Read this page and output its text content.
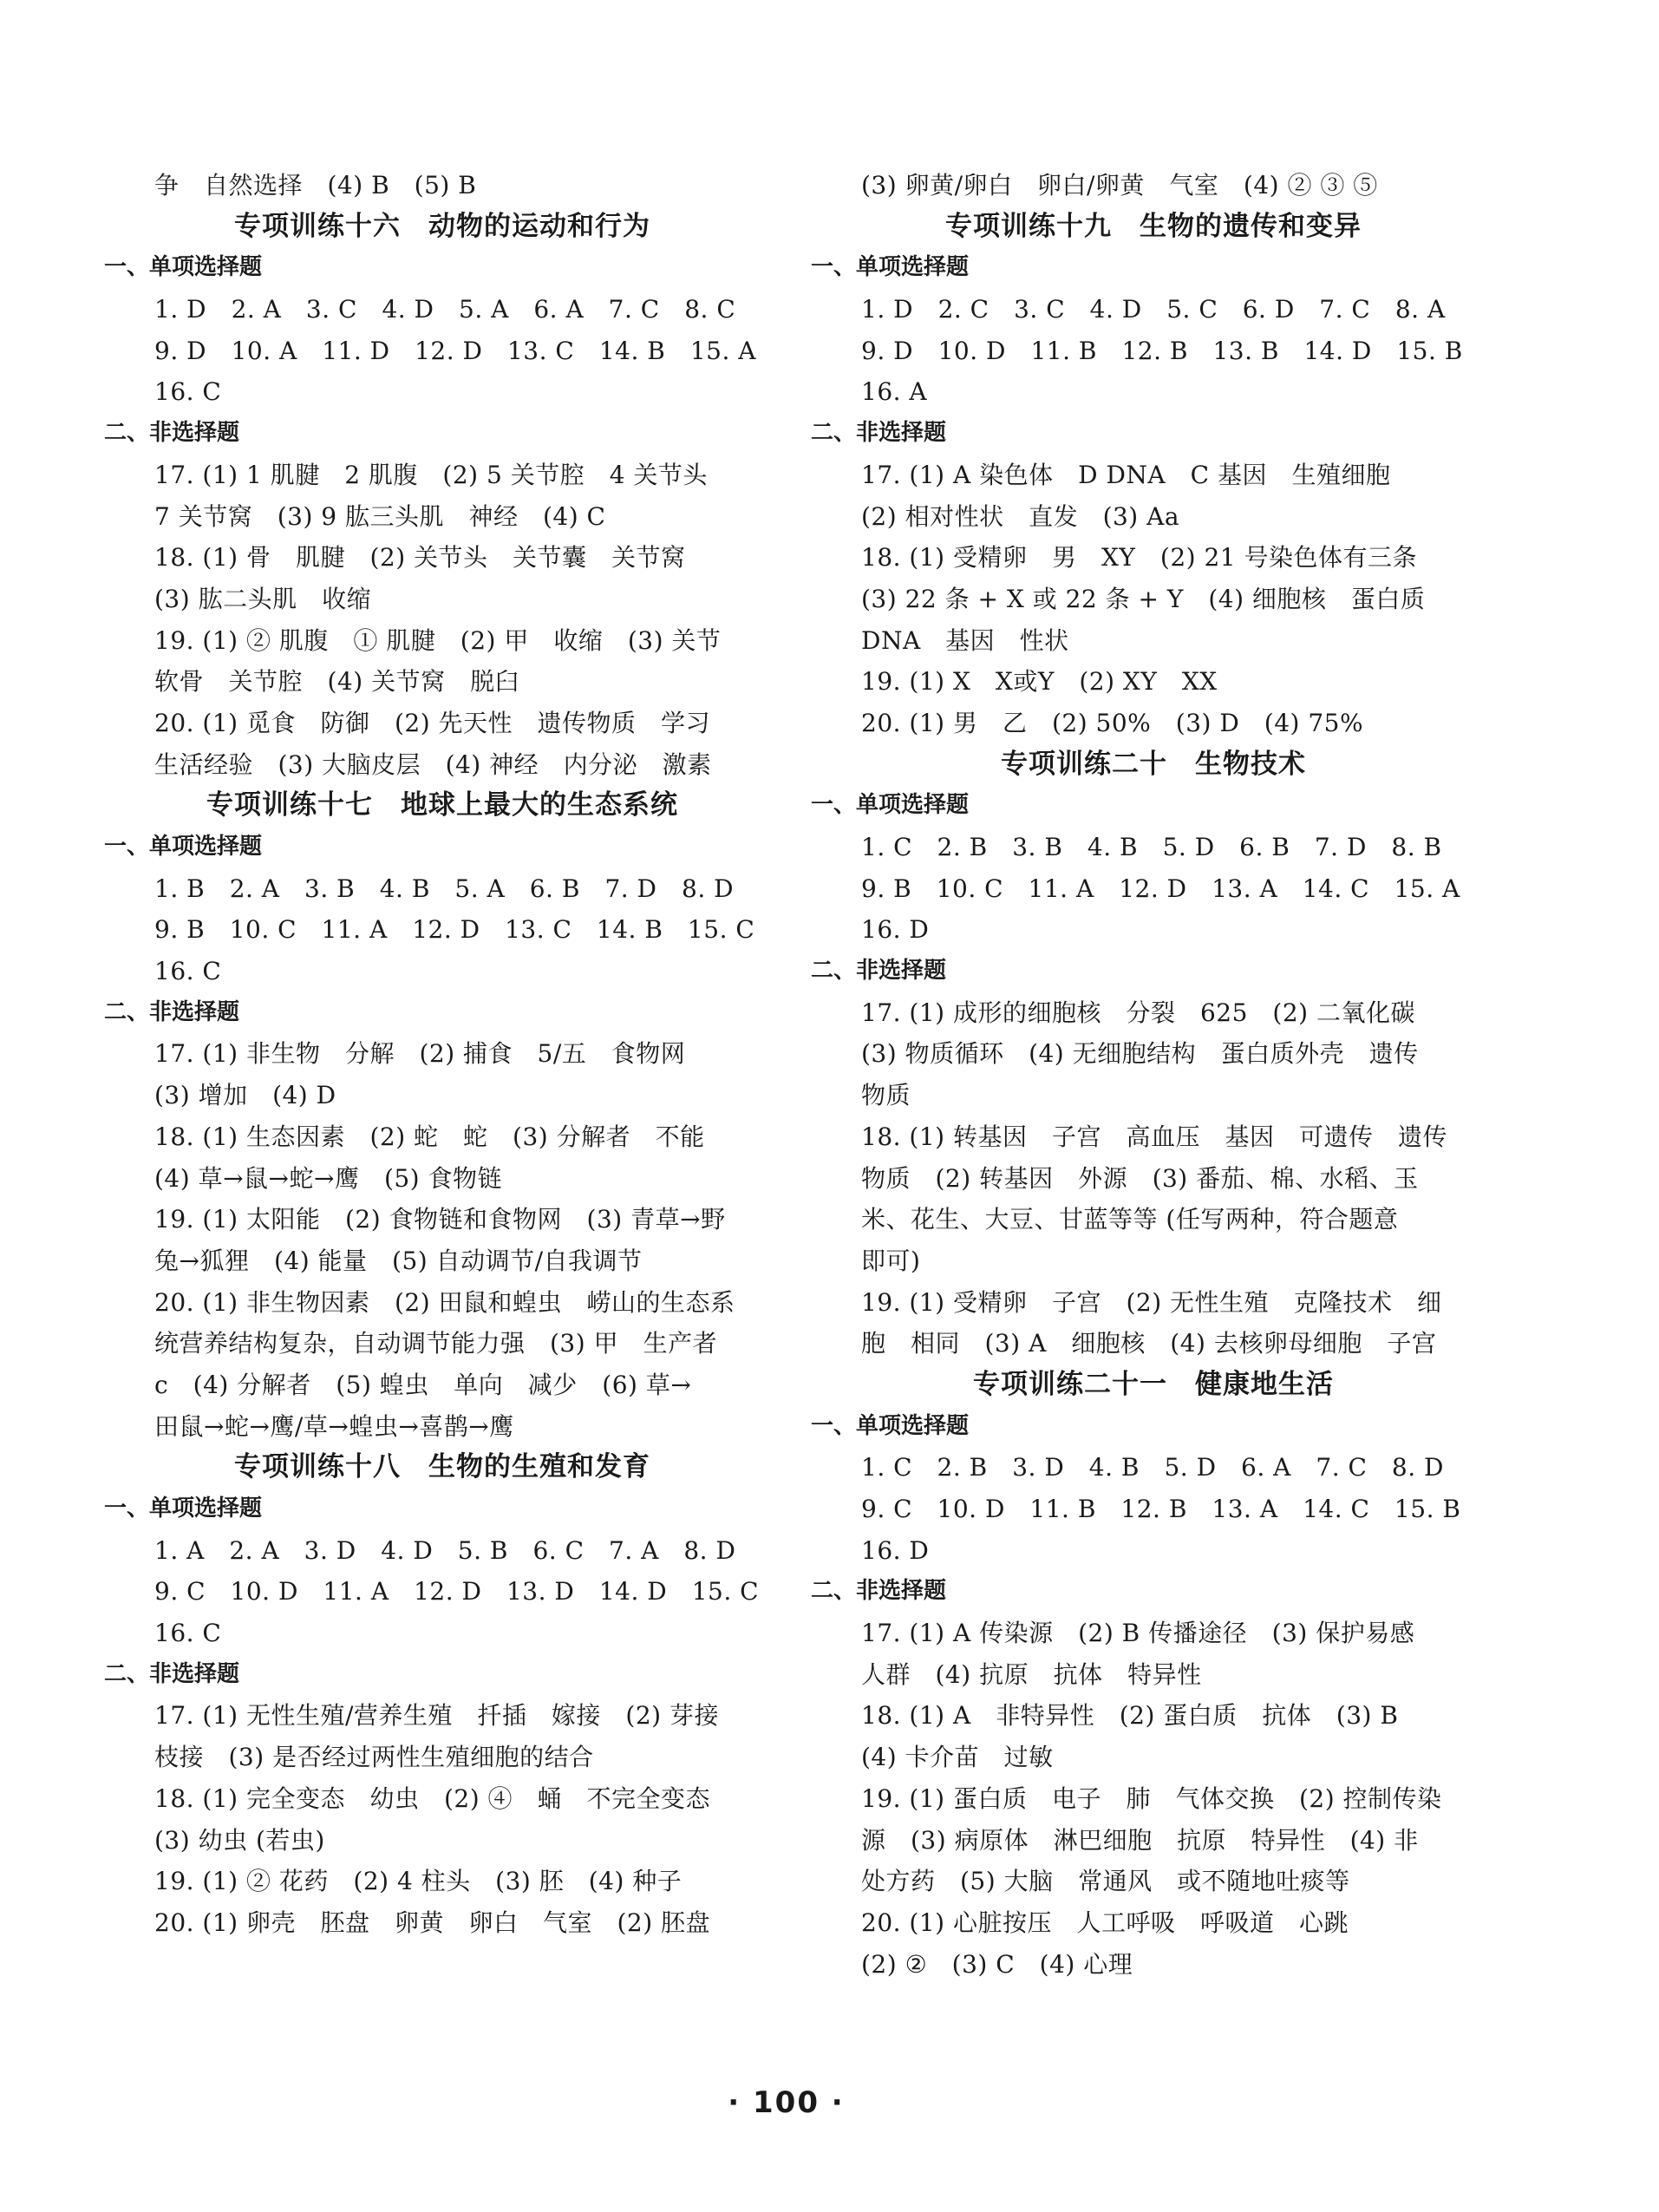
争　自然选择　(4) B　(5) B
专项训练十六　动物的运动和行为
一、单项选择题
1. D　2. A　3. C　4. D　5. A　6. A　7. C　8. C
9. D　10. A　11. D　12. D　13. C　14. B　15. A
16. C
二、非选择题
17. (1) 1 肌腱　2 肌腹　(2) 5 关节腔　4 关节头
7 关节窝　(3) 9 肱三头肌　神经　(4) C
18. (1) 骨　肌腱　(2) 关节头　关节囊　关节窝
(3) 肱二头肌　收缩
19. (1) ② 肌腹　① 肌腱　(2) 甲　收缩　(3) 关节
软骨　关节腔　(4) 关节窝　脱臼
20. (1) 觅食　防御　(2) 先天性　遗传物质　学习
生活经验　(3) 大脑皮层　(4) 神经　内分泌　激素
专项训练十七　地球上最大的生态系统
一、单项选择题
1. B　2. A　3. B　4. B　5. A　6. B　7. D　8. D
9. B　10. C　11. A　12. D　13. C　14. B　15. C
16. C
二、非选择题
17. (1) 非生物　分解　(2) 捕食　5/五　食物网
(3) 增加　(4) D
18. (1) 生态因素　(2) 蛇　蛇　(3) 分解者　不能
(4) 草→鼠→蛇→鹰　(5) 食物链
19. (1) 太阳能　(2) 食物链和食物网　(3) 青草→野
兔→狐狸　(4) 能量　(5) 自动调节/自我调节
20. (1) 非生物因素　(2) 田鼠和蝗虫　崂山的生态系
统营养结构复杂，自动调节能力强　(3) 甲　生产者
c　(4) 分解者　(5) 蝗虫　单向　减少　(6) 草→
田鼠→蛇→鹰/草→蝗虫→喜鹊→鹰
专项训练十八　生物的生殖和发育
一、单项选择题
1. A　2. A　3. D　4. D　5. B　6. C　7. A　8. D
9. C　10. D　11. A　12. D　13. D　14. D　15. C
16. C
二、非选择题
17. (1) 无性生殖/营养生殖　扦插　嫁接　(2) 芽接
枝接　(3) 是否经过两性生殖细胞的结合
18. (1) 完全变态　幼虫　(2) ④　蛹　不完全变态
(3) 幼虫 (若虫)
19. (1) ② 花药　(2) 4 柱头　(3) 胚　(4) 种子
20. (1) 卵壳　胚盘　卵黄　卵白　气室　(2) 胚盘
(3) 卵黄/卵白　卵白/卵黄　气室　(4) ② ③ ⑤
专项训练十九　生物的遗传和变异
一、单项选择题
1. D　2. C　3. C　4. D　5. C　6. D　7. C　8. A
9. D　10. D　11. B　12. B　13. B　14. D　15. B
16. A
二、非选择题
17. (1) A 染色体　D DNA　C 基因　生殖细胞
(2) 相对性状　直发　(3) Aa
18. (1) 受精卵　男　XY　(2) 21 号染色体有三条
(3) 22 条 + X 或 22 条 + Y　(4) 细胞核　蛋白质
DNA　基因　性状
19. (1) X　X或Y　(2) XY　XX
20. (1) 男　乙　(2) 50%　(3) D　(4) 75%
专项训练二十　生物技术
一、单项选择题
1. C　2. B　3. B　4. B　5. D　6. B　7. D　8. B
9. B　10. C　11. A　12. D　13. A　14. C　15. A
16. D
二、非选择题
17. (1) 成形的细胞核　分裂　625　(2) 二氧化碳
(3) 物质循环　(4) 无细胞结构　蛋白质外壳　遗传
物质
18. (1) 转基因　子宫　高血压　基因　可遗传　遗传
物质　(2) 转基因　外源　(3) 番茄、棉、水稻、玉
米、花生、大豆、甘蓝等等 (任写两种，符合题意
即可)
19. (1) 受精卵　子宫　(2) 无性生殖　克隆技术　细
胞　相同　(3) A　细胞核　(4) 去核卵母细胞　子宫
专项训练二十一　健康地生活
一、单项选择题
1. C　2. B　3. D　4. B　5. D　6. A　7. C　8. D
9. C　10. D　11. B　12. B　13. A　14. C　15. B
16. D
二、非选择题
17. (1) A 传染源　(2) B 传播途径　(3) 保护易感
人群　(4) 抗原　抗体　特异性
18. (1) A　非特异性　(2) 蛋白质　抗体　(3) B
(4) 卡介苗　过敏
19. (1) 蛋白质　电子　肺　气体交换　(2) 控制传染
源　(3) 病原体　淋巴细胞　抗原　特异性　(4) 非
处方药　(5) 大脑　常通风　或不随地吐痰等
20. (1) 心脏按压　人工呼吸　呼吸道　心跳
(2) ②　(3) C　(4) 心理
· 100 ·
